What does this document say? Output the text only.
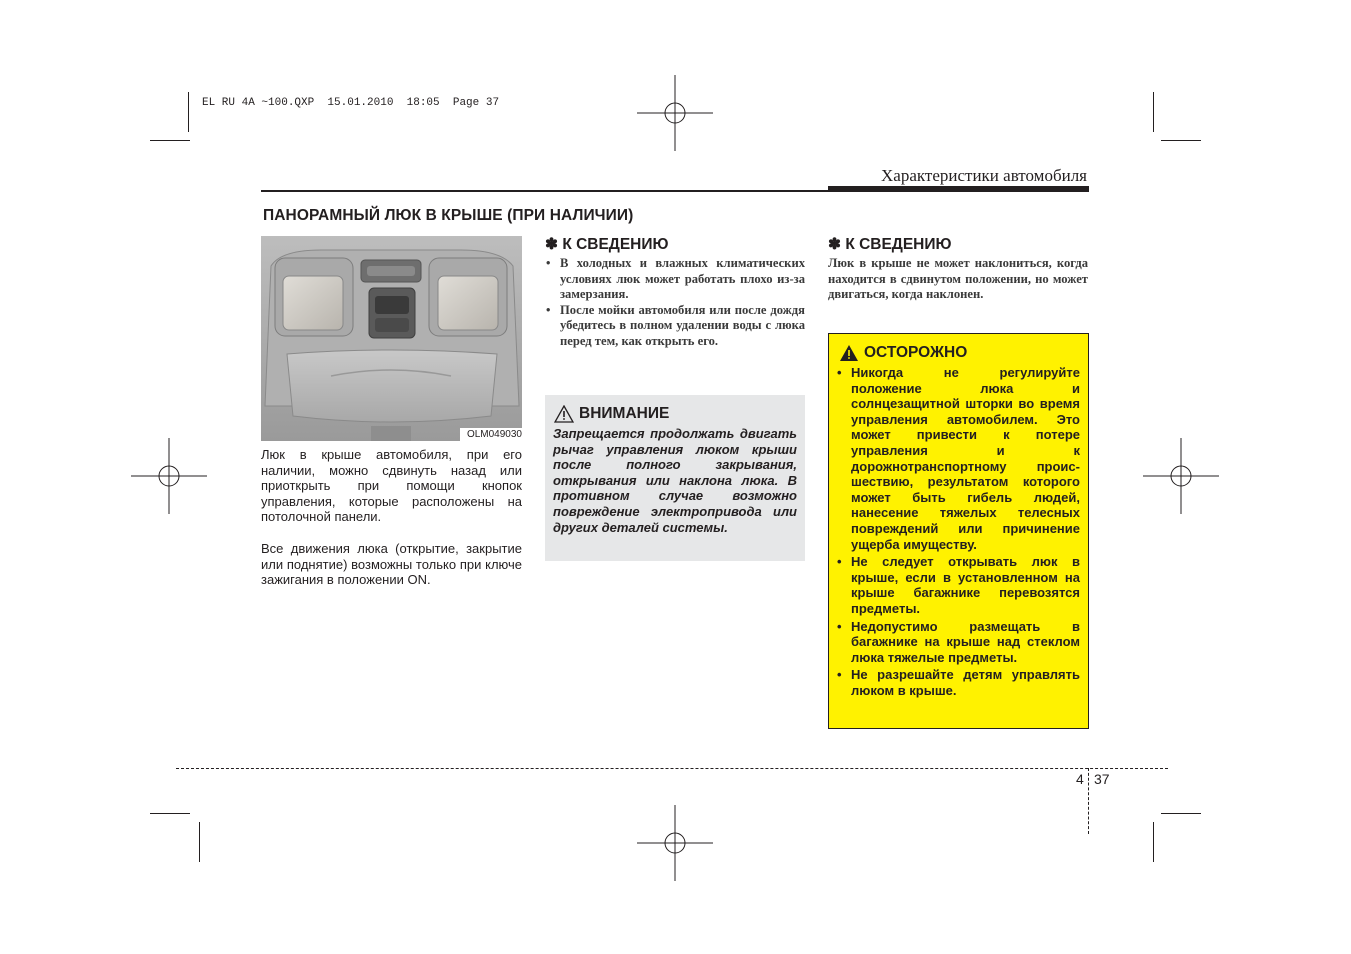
EL RU 4A ~100.QXP  15.01.2010  18:05  Page 37
Характеристики автомобиля
ПАНОРАМНЫЙ ЛЮК В КРЫШЕ (ПРИ НАЛИЧИИ)
OLM049030
Люк в крыше автомобиля, при его наличии, можно сдвинуть назад или приоткрыть при помощи кнопок управления, которые расположены на потолочной панели.
Все движения люка (открытие, закрытие или поднятие) возможны только при ключе зажигания в положении ON.
✽ К СВЕДЕНИЮ
• В холодных и влажных климатических условиях люк может работать плохо из-за замерзания.
• После мойки автомобиля или после дождя убедитесь в полном удалении воды с люка перед тем, как открыть его.
ВНИМАНИЕ
Запрещается продолжать двигать рычаг управления люком крыши после полного закрывания, открывания или наклона люка. В противном случае возможно повреждение электропривода или других деталей системы.
✽ К СВЕДЕНИЮ
Люк в крыше не может наклониться, когда находится в сдвинутом положении, но может двигаться, когда наклонен.
ОСТОРОЖНО
• Никогда не регулируйте положение люка и солнцезащитной шторки во время управления автомобилем. Это может привести к потере управления и к дорожнотранспортному проис-шествию, результатом которого может быть гибель людей, нанесение тяжелых телесных повреждений или причинение ущерба имуществу.
• Не следует открывать люк в крыше, если в установленном на крыше багажнике перевозятся предметы.
• Недопустимо размещать в багажнике на крыше над стеклом люка тяжелые предметы.
• Не разрешайте детям управлять люком в крыше.
4 37
